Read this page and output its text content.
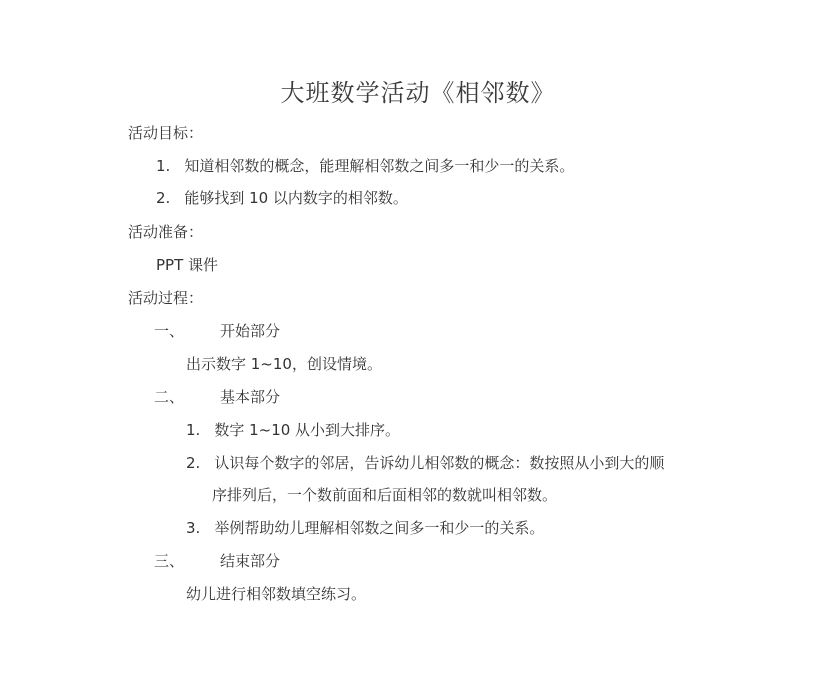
大班数学活动《相邻数》
活动目标：
1. 知道相邻数的概念，能理解相邻数之间多一和少一的关系。
2. 能够找到 10 以内数字的相邻数。
活动准备：
PPT 课件
活动过程：
一、 开始部分
出示数字 1~10，创设情境。
二、 基本部分
1. 数字 1~10 从小到大排序。
2. 认识每个数字的邻居，告诉幼儿相邻数的概念：数按照从小到大的顺
序排列后，一个数前面和后面相邻的数就叫相邻数。
3. 举例帮助幼儿理解相邻数之间多一和少一的关系。
三、 结束部分
幼儿进行相邻数填空练习。
